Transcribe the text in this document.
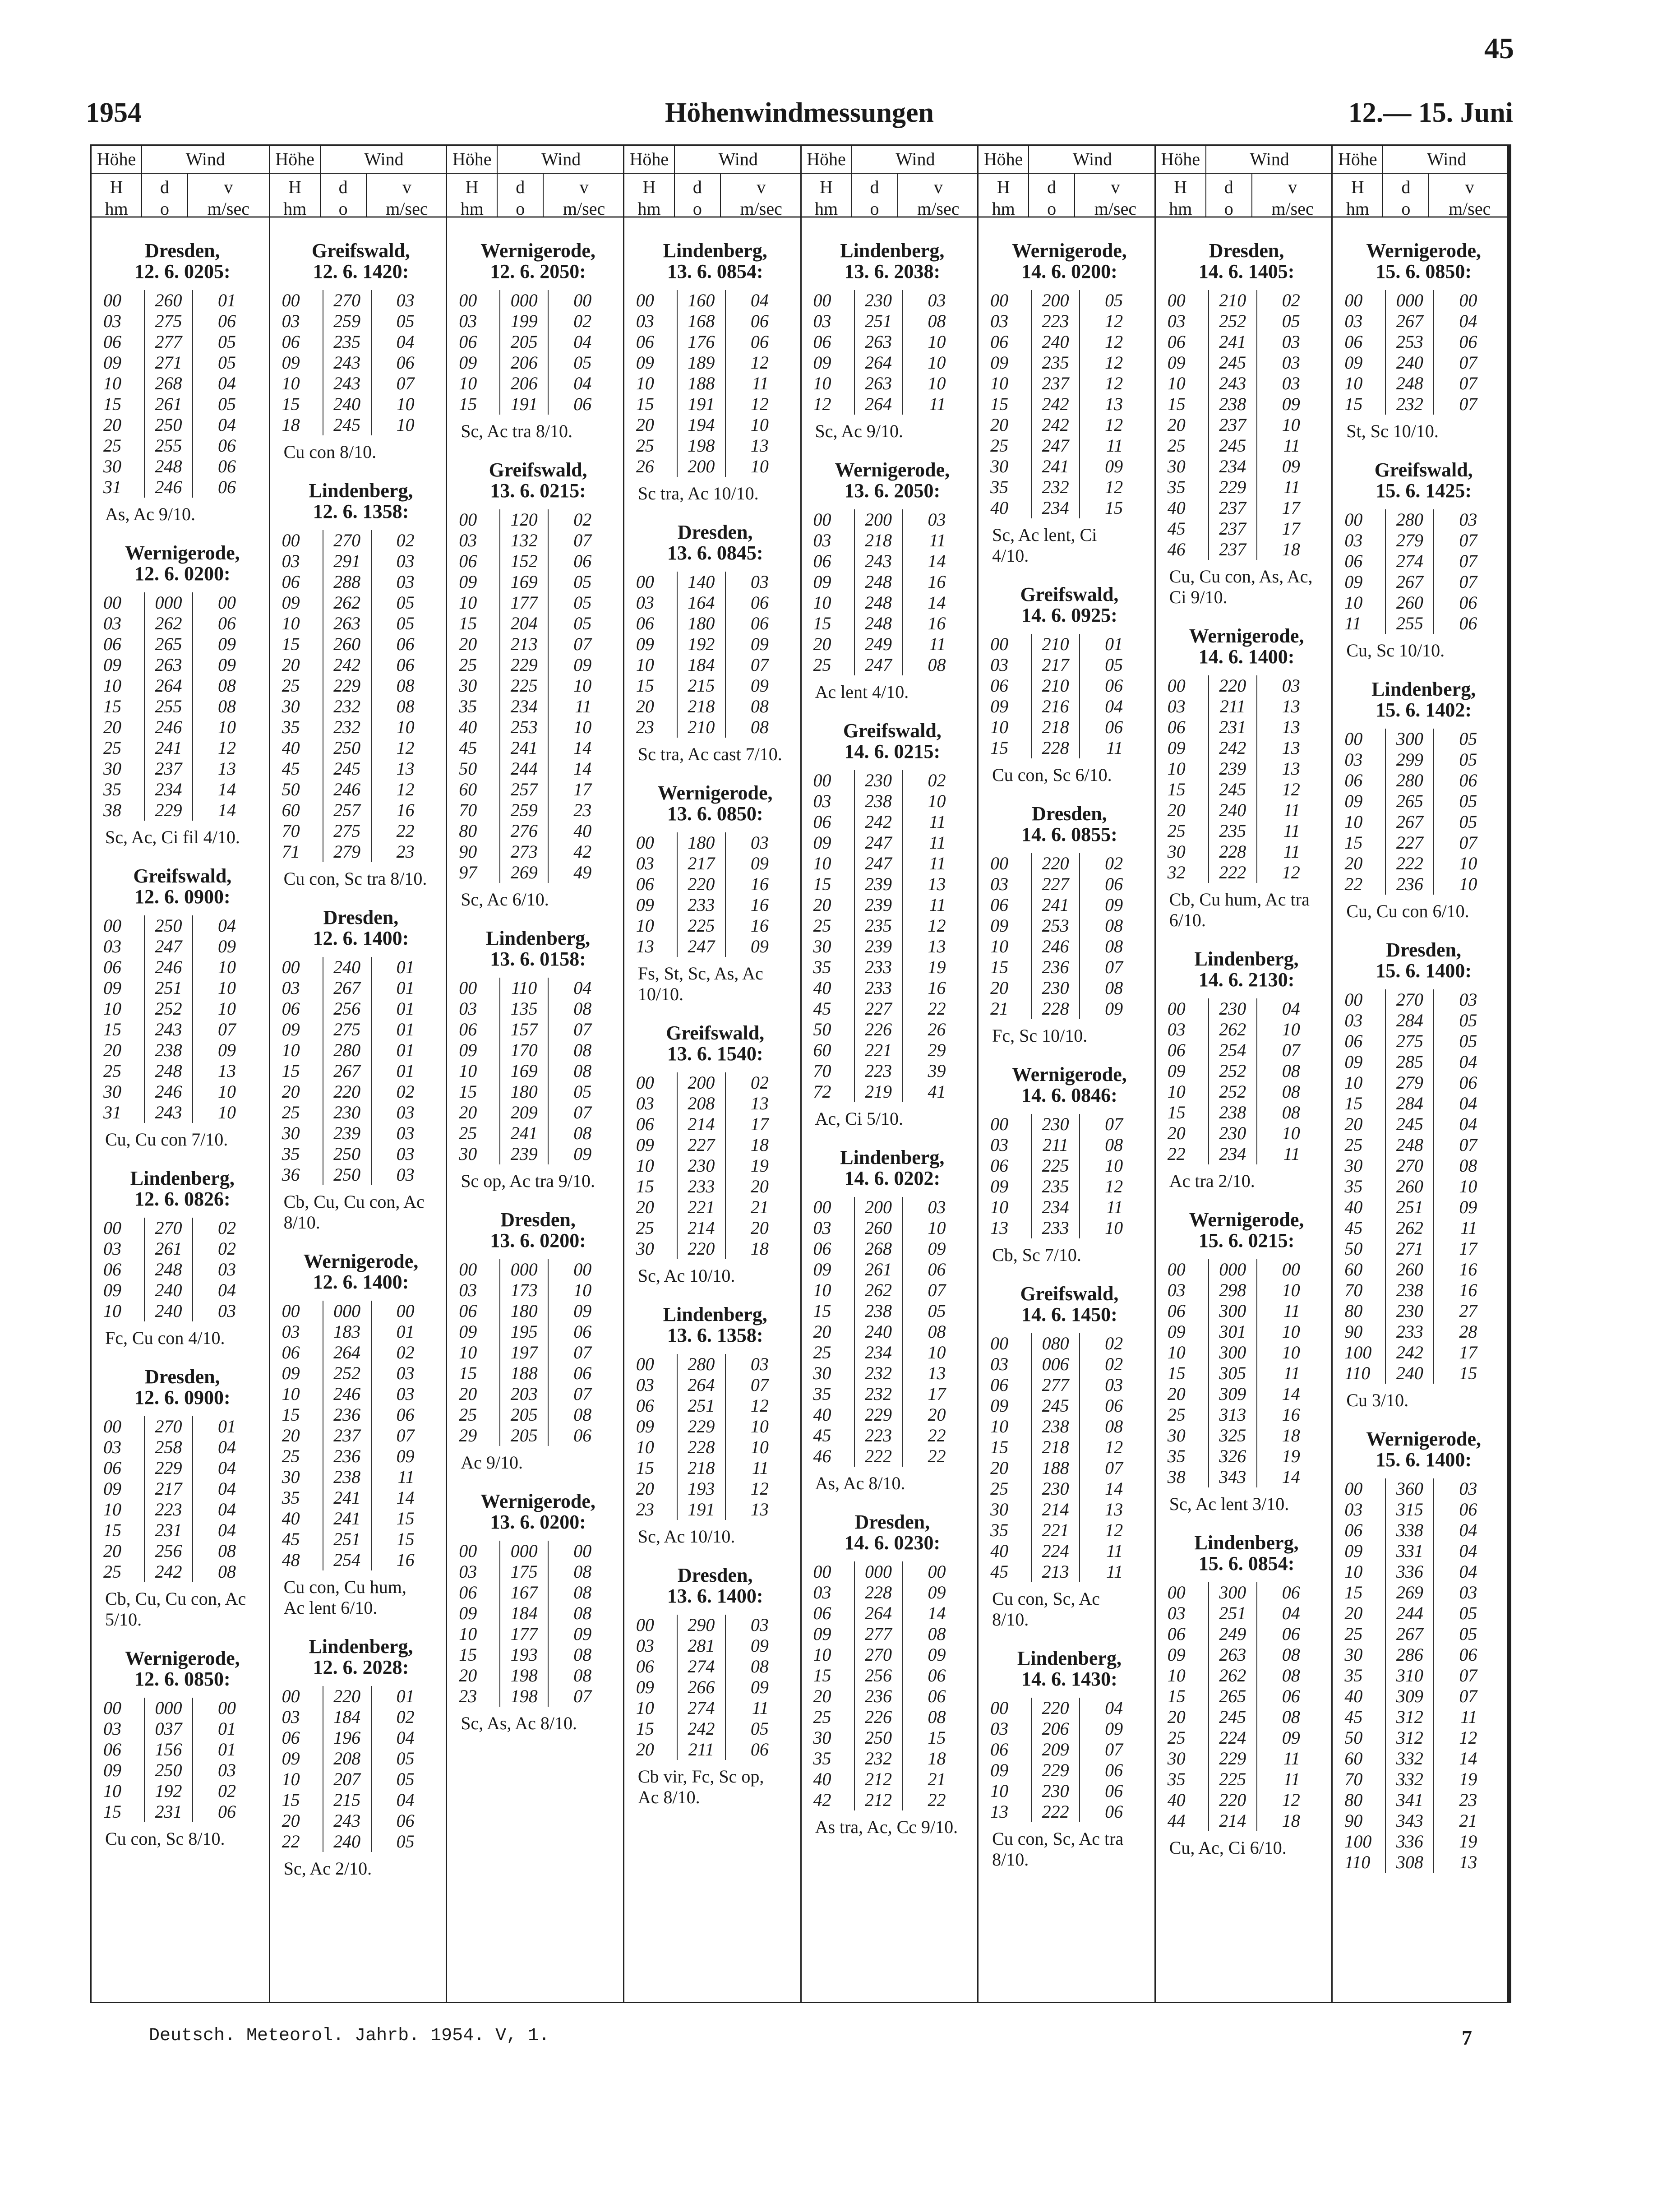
45
1954	Höhenwindmessungen	12.— 15. Juni
Höhe	Wind
H
hm
d
o
v
m/sec
Dresden,
12. 6. 0205:
00	260	01
03	275	06
06	277	05
09	271	05
10	268	04
15	261	05
20	250	04
25	255	06
30	248	06
31	246	06
As, Ac 9/10.
Wernigerode,
12. 6. 0200:
00	000	00
03	262	06
06	265	09
09	263	09
10	264	08
15	255	08
20	246	10
25	241	12
30	237	13
35	234	14
38	229	14
Sc, Ac, Ci fil 4/10.
Greifswald,
12. 6. 0900:
00	250	04
03	247	09
06	246	10
09	251	10
10	252	10
15	243	07
20	238	09
25	248	13
30	246	10
31	243	10
Cu, Cu con 7/10.
Lindenberg,
12. 6. 0826:
00	270	02
03	261	02
06	248	03
09	240	04
10	240	03
Fc, Cu con 4/10.
Dresden,
12. 6. 0900:
00	270	01
03	258	04
06	229	04
09	217	04
10	223	04
15	231	04
20	256	08
25	242	08
Cb, Cu, Cu con, Ac 5/10.
Wernigerode,
12. 6. 0850:
00	000	00
03	037	01
06	156	01
09	250	03
10	192	02
15	231	06
Cu con, Sc 8/10.
Höhe	Wind
H
hm
d
o
v
m/sec
Greifswald,
12. 6. 1420:
00	270	03
03	259	05
06	235	04
09	243	06
10	243	07
15	240	10
18	245	10
Cu con 8/10.
Lindenberg,
12. 6. 1358:
00	270	02
03	291	03
06	288	03
09	262	05
10	263	05
15	260	06
20	242	06
25	229	08
30	232	08
35	232	10
40	250	12
45	245	13
50	246	12
60	257	16
70	275	22
71	279	23
Cu con, Sc tra 8/10.
Dresden,
12. 6. 1400:
00	240	01
03	267	01
06	256	01
09	275	01
10	280	01
15	267	01
20	220	02
25	230	03
30	239	03
35	250	03
36	250	03
Cb, Cu, Cu con, Ac 8/10.
Wernigerode,
12. 6. 1400:
00	000	00
03	183	01
06	264	02
09	252	03
10	246	03
15	236	06
20	237	07
25	236	09
30	238	11
35	241	14
40	241	15
45	251	15
48	254	16
Cu con, Cu hum, Ac lent 6/10.
Lindenberg,
12. 6. 2028:
00	220	01
03	184	02
06	196	04
09	208	05
10	207	05
15	215	04
20	243	06
22	240	05
Sc, Ac 2/10.
Höhe	Wind
H
hm
d
o
v
m/sec
Wernigerode,
12. 6. 2050:
00	000	00
03	199	02
06	205	04
09	206	05
10	206	04
15	191	06
Sc, Ac tra 8/10.
Greifswald,
13. 6. 0215:
00	120	02
03	132	07
06	152	06
09	169	05
10	177	05
15	204	05
20	213	07
25	229	09
30	225	10
35	234	11
40	253	10
45	241	14
50	244	14
60	257	17
70	259	23
80	276	40
90	273	42
97	269	49
Sc, Ac 6/10.
Lindenberg,
13. 6. 0158:
00	110	04
03	135	08
06	157	07
09	170	08
10	169	08
15	180	05
20	209	07
25	241	08
30	239	09
Sc op, Ac tra 9/10.
Dresden,
13. 6. 0200:
00	000	00
03	173	10
06	180	09
09	195	06
10	197	07
15	188	06
20	203	07
25	205	08
29	205	06
Ac 9/10.
Wernigerode,
13. 6. 0200:
00	000	00
03	175	08
06	167	08
09	184	08
10	177	09
15	193	08
20	198	08
23	198	07
Sc, As, Ac 8/10.
Höhe	Wind
H
hm
d
o
v
m/sec
Lindenberg,
13. 6. 0854:
00	160	04
03	168	06
06	176	06
09	189	12
10	188	11
15	191	12
20	194	10
25	198	13
26	200	10
Sc tra, Ac 10/10.
Dresden,
13. 6. 0845:
00	140	03
03	164	06
06	180	06
09	192	09
10	184	07
15	215	09
20	218	08
23	210	08
Sc tra, Ac cast 7/10.
Wernigerode,
13. 6. 0850:
00	180	03
03	217	09
06	220	16
09	233	16
10	225	16
13	247	09
Fs, St, Sc, As, Ac 10/10.
Greifswald,
13. 6. 1540:
00	200	02
03	208	13
06	214	17
09	227	18
10	230	19
15	233	20
20	221	21
25	214	20
30	220	18
Sc, Ac 10/10.
Lindenberg,
13. 6. 1358:
00	280	03
03	264	07
06	251	12
09	229	10
10	228	10
15	218	11
20	193	12
23	191	13
Sc, Ac 10/10.
Dresden,
13. 6. 1400:
00	290	03
03	281	09
06	274	08
09	266	09
10	274	11
15	242	05
20	211	06
Cb vir, Fc, Sc op, Ac 8/10.
Höhe	Wind
H
hm
d
o
v
m/sec
Lindenberg,
13. 6. 2038:
00	230	03
03	251	08
06	263	10
09	264	10
10	263	10
12	264	11
Sc, Ac 9/10.
Wernigerode,
13. 6. 2050:
00	200	03
03	218	11
06	243	14
09	248	16
10	248	14
15	248	16
20	249	11
25	247	08
Ac lent 4/10.
Greifswald,
14. 6. 0215:
00	230	02
03	238	10
06	242	11
09	247	11
10	247	11
15	239	13
20	239	11
25	235	12
30	239	13
35	233	19
40	233	16
45	227	22
50	226	26
60	221	29
70	223	39
72	219	41
Ac, Ci 5/10.
Lindenberg,
14. 6. 0202:
00	200	03
03	260	10
06	268	09
09	261	06
10	262	07
15	238	05
20	240	08
25	234	10
30	232	13
35	232	17
40	229	20
45	223	22
46	222	22
As, Ac 8/10.
Dresden,
14. 6. 0230:
00	000	00
03	228	09
06	264	14
09	277	08
10	270	09
15	256	06
20	236	06
25	226	08
30	250	15
35	232	18
40	212	21
42	212	22
As tra, Ac, Cc 9/10.
Höhe	Wind
H
hm
d
o
v
m/sec
Wernigerode,
14. 6. 0200:
00	200	05
03	223	12
06	240	12
09	235	12
10	237	12
15	242	13
20	242	12
25	247	11
30	241	09
35	232	12
40	234	15
Sc, Ac lent, Ci 4/10.
Greifswald,
14. 6. 0925:
00	210	01
03	217	05
06	210	06
09	216	04
10	218	06
15	228	11
Cu con, Sc 6/10.
Dresden,
14. 6. 0855:
00	220	02
03	227	06
06	241	09
09	253	08
10	246	08
15	236	07
20	230	08
21	228	09
Fc, Sc 10/10.
Wernigerode,
14. 6. 0846:
00	230	07
03	211	08
06	225	10
09	235	12
10	234	11
13	233	10
Cb, Sc 7/10.
Greifswald,
14. 6. 1450:
00	080	02
03	006	02
06	277	03
09	245	06
10	238	08
15	218	12
20	188	07
25	230	14
30	214	13
35	221	12
40	224	11
45	213	11
Cu con, Sc, Ac 8/10.
Lindenberg,
14. 6. 1430:
00	220	04
03	206	09
06	209	07
09	229	06
10	230	06
13	222	06
Cu con, Sc, Ac tra 8/10.
Höhe	Wind
H
hm
d
o
v
m/sec
Dresden,
14. 6. 1405:
00	210	02
03	252	05
06	241	03
09	245	03
10	243	03
15	238	09
20	237	10
25	245	11
30	234	09
35	229	11
40	237	17
45	237	17
46	237	18
Cu, Cu con, As, Ac, Ci 9/10.
Wernigerode,
14. 6. 1400:
00	220	03
03	211	13
06	231	13
09	242	13
10	239	13
15	245	12
20	240	11
25	235	11
30	228	11
32	222	12
Cb, Cu hum, Ac tra 6/10.
Lindenberg,
14. 6. 2130:
00	230	04
03	262	10
06	254	07
09	252	08
10	252	08
15	238	08
20	230	10
22	234	11
Ac tra 2/10.
Wernigerode,
15. 6. 0215:
00	000	00
03	298	10
06	300	11
09	301	10
10	300	10
15	305	11
20	309	14
25	313	16
30	325	18
35	326	19
38	343	14
Sc, Ac lent 3/10.
Lindenberg,
15. 6. 0854:
00	300	06
03	251	04
06	249	06
09	263	08
10	262	08
15	265	06
20	245	08
25	224	09
30	229	11
35	225	11
40	220	12
44	214	18
Cu, Ac, Ci 6/10.
Höhe	Wind
H
hm
d
o
v
m/sec
Wernigerode,
15. 6. 0850:
00	000	00
03	267	04
06	253	06
09	240	07
10	248	07
15	232	07
St, Sc 10/10.
Greifswald,
15. 6. 1425:
00	280	03
03	279	07
06	274	07
09	267	07
10	260	06
11	255	06
Cu, Sc 10/10.
Lindenberg,
15. 6. 1402:
00	300	05
03	299	05
06	280	06
09	265	05
10	267	05
15	227	07
20	222	10
22	236	10
Cu, Cu con 6/10.
Dresden,
15. 6. 1400:
00	270	03
03	284	05
06	275	05
09	285	04
10	279	06
15	284	04
20	245	04
25	248	07
30	270	08
35	260	10
40	251	09
45	262	11
50	271	17
60	260	16
70	238	16
80	230	27
90	233	28
100	242	17
110	240	15
Cu 3/10.
Wernigerode,
15. 6. 1400:
00	360	03
03	315	06
06	338	04
09	331	04
10	336	04
15	269	03
20	244	05
25	267	05
30	286	06
35	310	07
40	309	07
45	312	11
50	312	12
60	332	14
70	332	19
80	341	23
90	343	21
100	336	19
110	308	13
Deutsch. Meteorol. Jahrb. 1954. V, 1.	7
